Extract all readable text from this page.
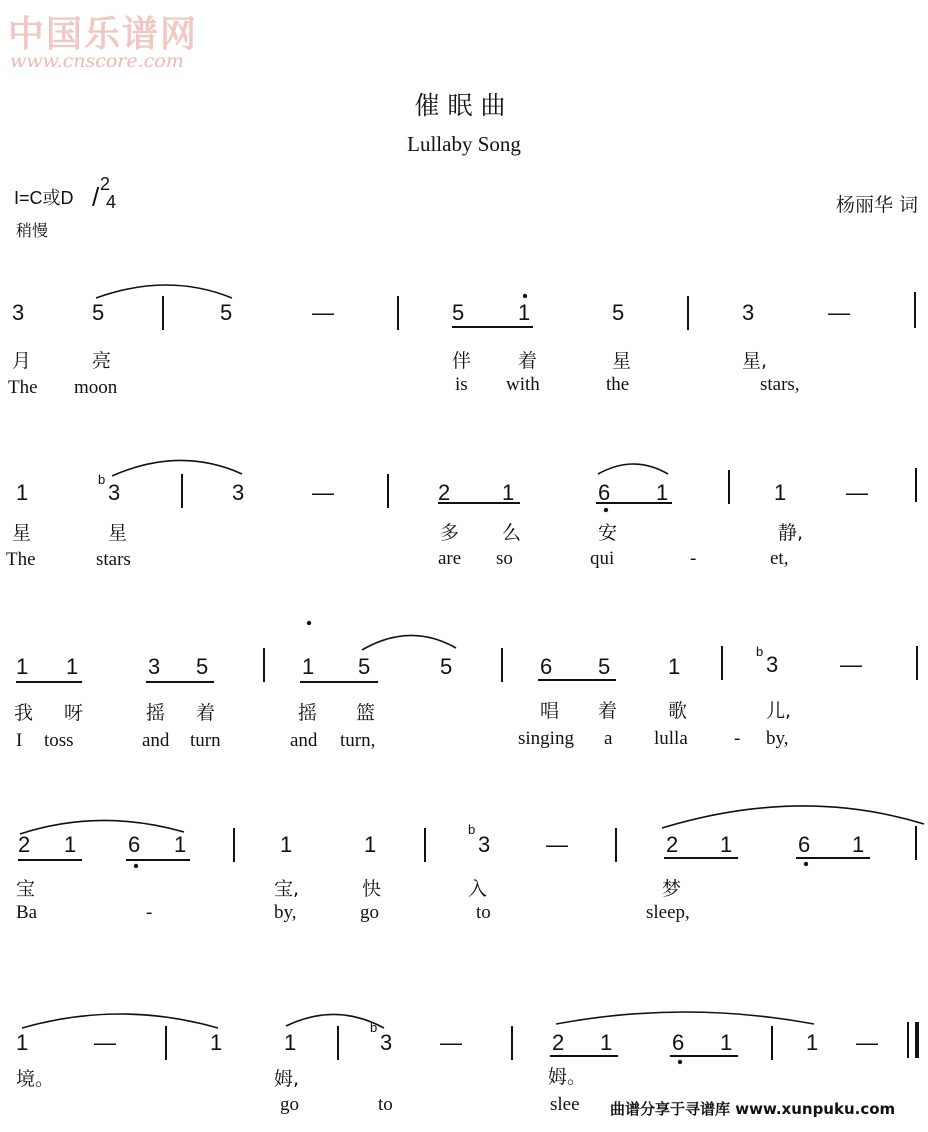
中国乐谱网
www.cnscore.com
催眠曲
Lullaby Song
I=C或D
2
/ 4
稍慢
杨丽华 词
3	5	5	—	5 1	5	3	—
月	亮	伴 着	星	星,
The moon	is with	the	stars,
1
b
3	3	—	2 1	6 1	1	—
星	星	多 么	安	静,
The	stars	are so	qui	-	et,
1 1	3 5	1 5	5	6 5	1
b
3	—
我 呀	摇 着	摇 篮	唱 着	歌	儿,
I toss	and turn	and turn,	singing a lulla - by,
2 1 6 1	1	1
b
3	—	2 1	6 1
宝	宝,	快	入	梦
Ba	-	by,	go	to	sleep,
1	—	1	1
b
3 —	2 1	6 1	1 —
境。	姆,	姆。
go	to	slee 曲谱分享于寻谱库 www.xunpuku.com
